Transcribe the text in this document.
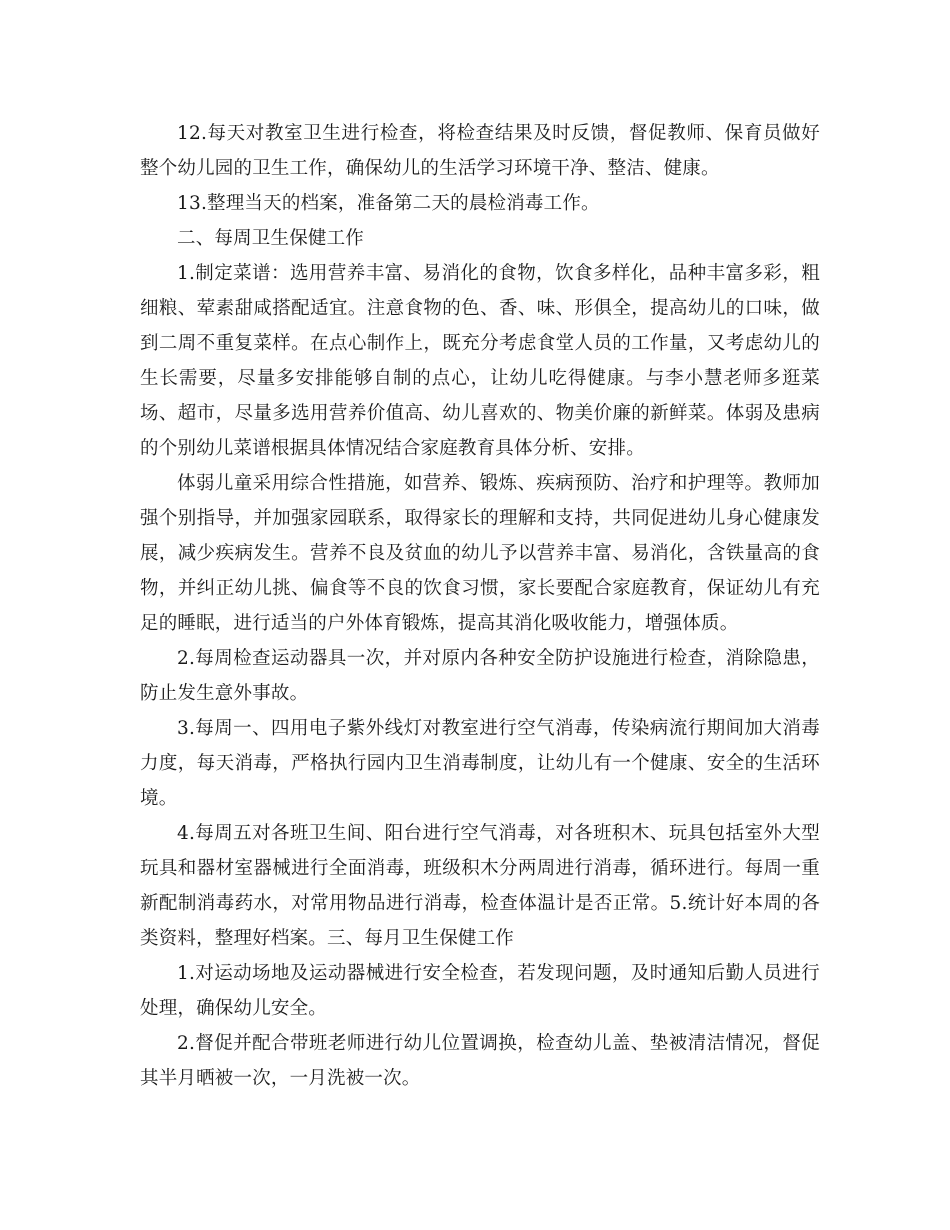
12.每天对教室卫生进行检查，将检查结果及时反馈，督促教师、保育员做好整个幼儿园的卫生工作，确保幼儿的生活学习环境干净、整洁、健康。

13.整理当天的档案，准备第二天的晨检消毒工作。

二、每周卫生保健工作

1.制定菜谱：选用营养丰富、易消化的食物，饮食多样化，品种丰富多彩，粗细粮、荤素甜咸搭配适宜。注意食物的色、香、味、形俱全，提高幼儿的口味，做到二周不重复菜样。在点心制作上，既充分考虑食堂人员的工作量，又考虑幼儿的生长需要，尽量多安排能够自制的点心，让幼儿吃得健康。与李小慧老师多逛菜场、超市，尽量多选用营养价值高、幼儿喜欢的、物美价廉的新鲜菜。体弱及患病的个别幼儿菜谱根据具体情况结合家庭教育具体分析、安排。

体弱儿童采用综合性措施，如营养、锻炼、疾病预防、治疗和护理等。教师加强个别指导，并加强家园联系，取得家长的理解和支持，共同促进幼儿身心健康发展，减少疾病发生。营养不良及贫血的幼儿予以营养丰富、易消化，含铁量高的食物，并纠正幼儿挑、偏食等不良的饮食习惯，家长要配合家庭教育，保证幼儿有充足的睡眠，进行适当的户外体育锻炼，提高其消化吸收能力，增强体质。

2.每周检查运动器具一次，并对原内各种安全防护设施进行检查，消除隐患，防止发生意外事故。

3.每周一、四用电子紫外线灯对教室进行空气消毒，传染病流行期间加大消毒力度，每天消毒，严格执行园内卫生消毒制度，让幼儿有一个健康、安全的生活环境。

4.每周五对各班卫生间、阳台进行空气消毒，对各班积木、玩具包括室外大型玩具和器材室器械进行全面消毒，班级积木分两周进行消毒，循环进行。每周一重新配制消毒药水，对常用物品进行消毒，检查体温计是否正常。5.统计好本周的各类资料，整理好档案。三、每月卫生保健工作

1.对运动场地及运动器械进行安全检查，若发现问题，及时通知后勤人员进行处理，确保幼儿安全。

2.督促并配合带班老师进行幼儿位置调换，检查幼儿盖、垫被清洁情况，督促其半月晒被一次，一月洗被一次。
